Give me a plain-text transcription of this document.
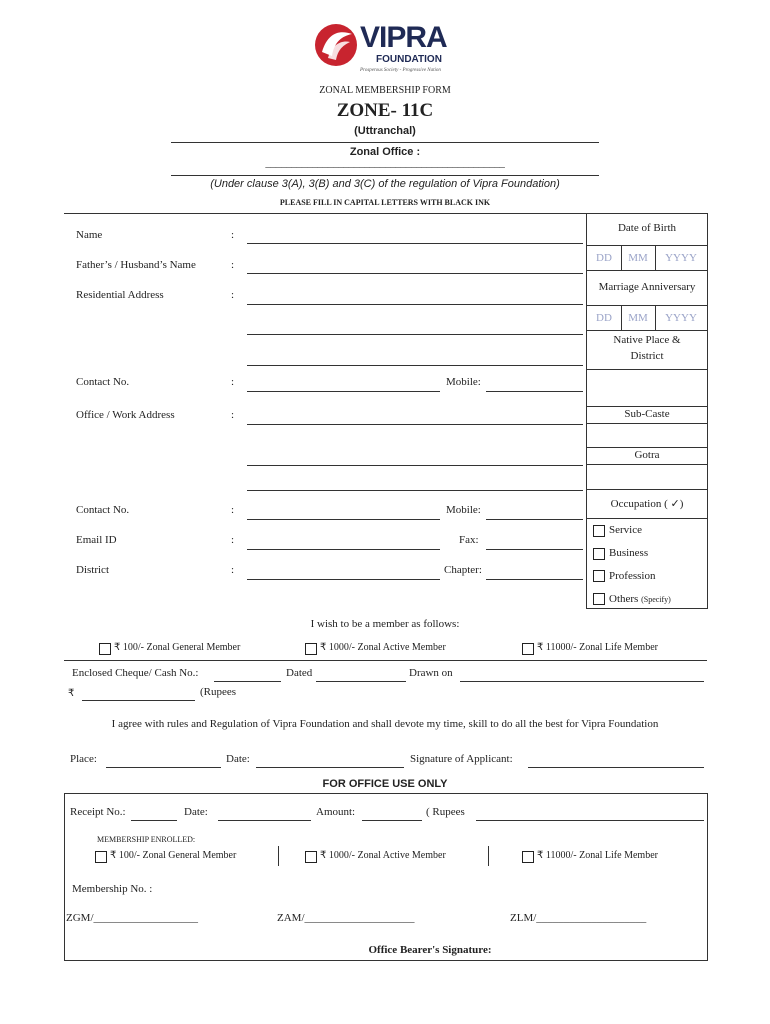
VIPRA
FOUNDATION
Prosperous Society - Progressive Nation
ZONAL MEMBERSHIP FORM
ZONE- 11C
(Uttranchal)
Zonal Office :
______________________________________________
(Under clause 3(A), 3(B) and 3(C) of the regulation of Vipra Foundation)
PLEASE FILL IN CAPITAL LETTERS WITH BLACK INK
Name	:
Father’s / Husband’s Name	:
Residential Address	:
Contact No.	:	Mobile:
Office / Work Address	:
Contact No.	:	Mobile:
Email ID	:	Fax:
District	:	Chapter:
Date of Birth
DD	MM	YYYY
Marriage Anniversary
DD	MM	YYYY
Native Place &
District
Sub-Caste
Gotra
Occupation ( ✓)
Service
Business
Profession
Others (Specify)
I wish to be a member as follows:
₹ 100/- Zonal General Member	₹ 1000/- Zonal Active Member	₹ 11000/- Zonal Life Member
Enclosed Cheque/ Cash No.:	Dated	Drawn on
₹	(Rupees
I agree with rules and Regulation of Vipra Foundation and shall devote my time, skill to do all the best for Vipra Foundation
Place:	Date:	Signature of Applicant:
FOR OFFICE USE ONLY
Receipt No.:	Date:	Amount:	( Rupees
MEMBERSHIP ENROLLED:
₹ 100/- Zonal General Member	₹ 1000/- Zonal Active Member	₹ 11000/- Zonal Life Member
Membership No. :
ZGM/___________________	ZAM/____________________	ZLM/____________________
Office Bearer's Signature:
